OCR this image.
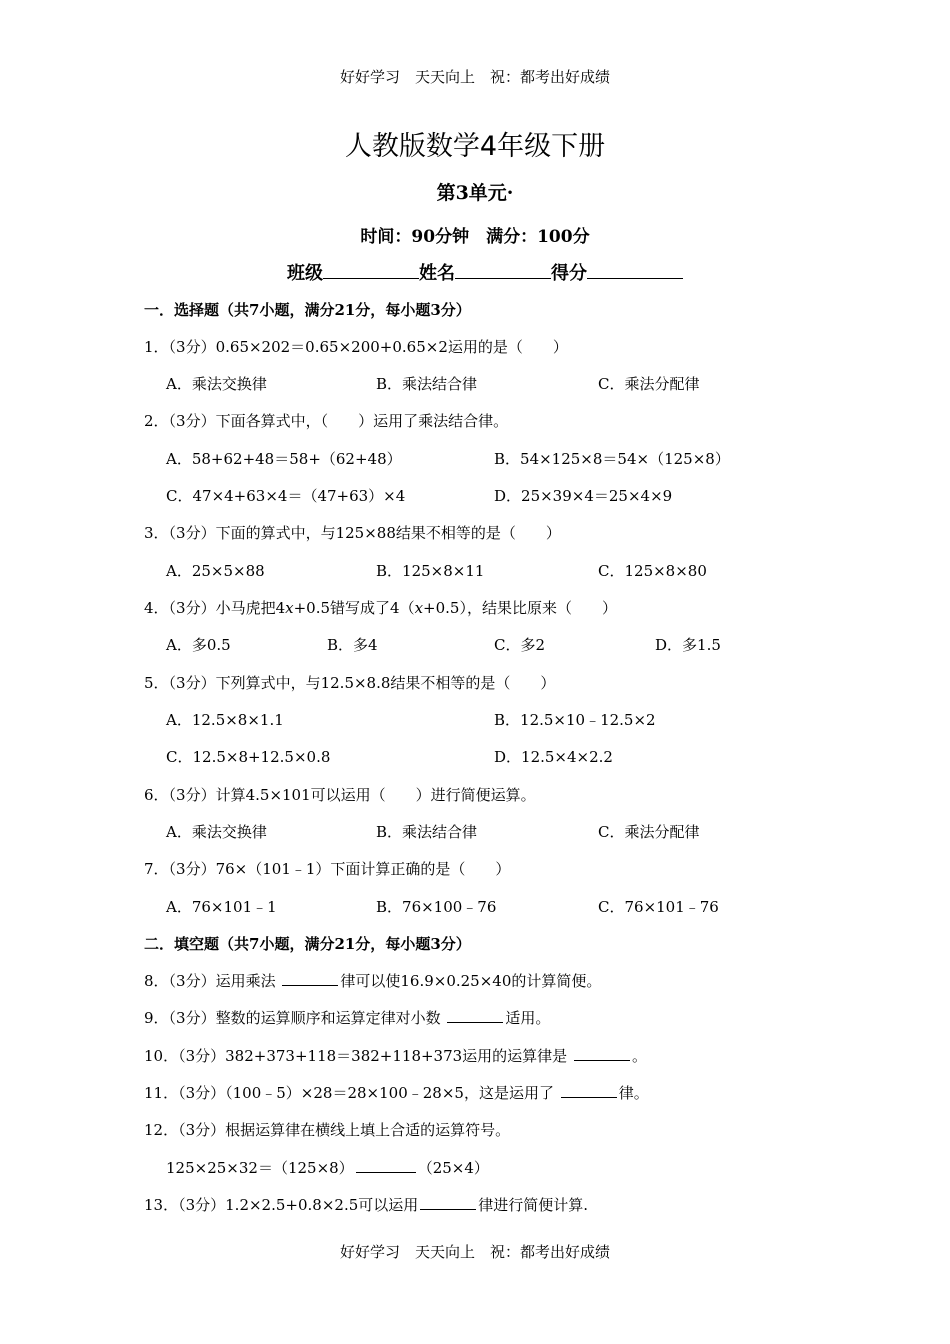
好好学习　天天向上　祝：都考出好成绩
人教版数学4年级下册
第3单元·
时间：90分钟　满分：100分
班级	姓名	得分
一．选择题（共7小题，满分21分，每小题3分）
1．（3分）0.65×202＝0.65×200+0.65×2运用的是（　　）
A．乘法交换律	B．乘法结合律	C．乘法分配律
2．（3分）下面各算式中，（　　）运用了乘法结合律。
A．58+62+48＝58+（62+48）	B．54×125×8＝54×（125×8）
C．47×4+63×4＝（47+63）×4	D．25×39×4＝25×4×9
3．（3分）下面的算式中，与125×88结果不相等的是（　　）
A．25×5×88	B．125×8×11	C．125×8×80
4．（3分）小马虎把4x+0.5错写成了4（x+0.5），结果比原来（　　）
A．多0.5	B．多4	C．多2	D．多1.5
5．（3分）下列算式中，与12.5×8.8结果不相等的是（　　）
A．12.5×8×1.1	B．12.5×10﹣12.5×2
C．12.5×8+12.5×0.8	D．12.5×4×2.2
6．（3分）计算4.5×101可以运用（　　）进行简便运算。
A．乘法交换律	B．乘法结合律	C．乘法分配律
7．（3分）76×（101﹣1）下面计算正确的是（　　）
A．76×101﹣1	B．76×100﹣76	C．76×101﹣76
二．填空题（共7小题，满分21分，每小题3分）
8．（3分）运用乘法	律可以使16.9×0.25×40的计算简便。
9．（3分）整数的运算顺序和运算定律对小数	适用。
10．（3分）382+373+118＝382+118+373运用的运算律是	。
11．（3分）（100﹣5）×28＝28×100﹣28×5，这是运用了	律。
12．（3分）根据运算律在横线上填上合适的运算符号。
125×25×32＝（125×8）	（25×4）
13．（3分）1.2×2.5+0.8×2.5可以运用	律进行简便计算.
好好学习　天天向上　祝：都考出好成绩
